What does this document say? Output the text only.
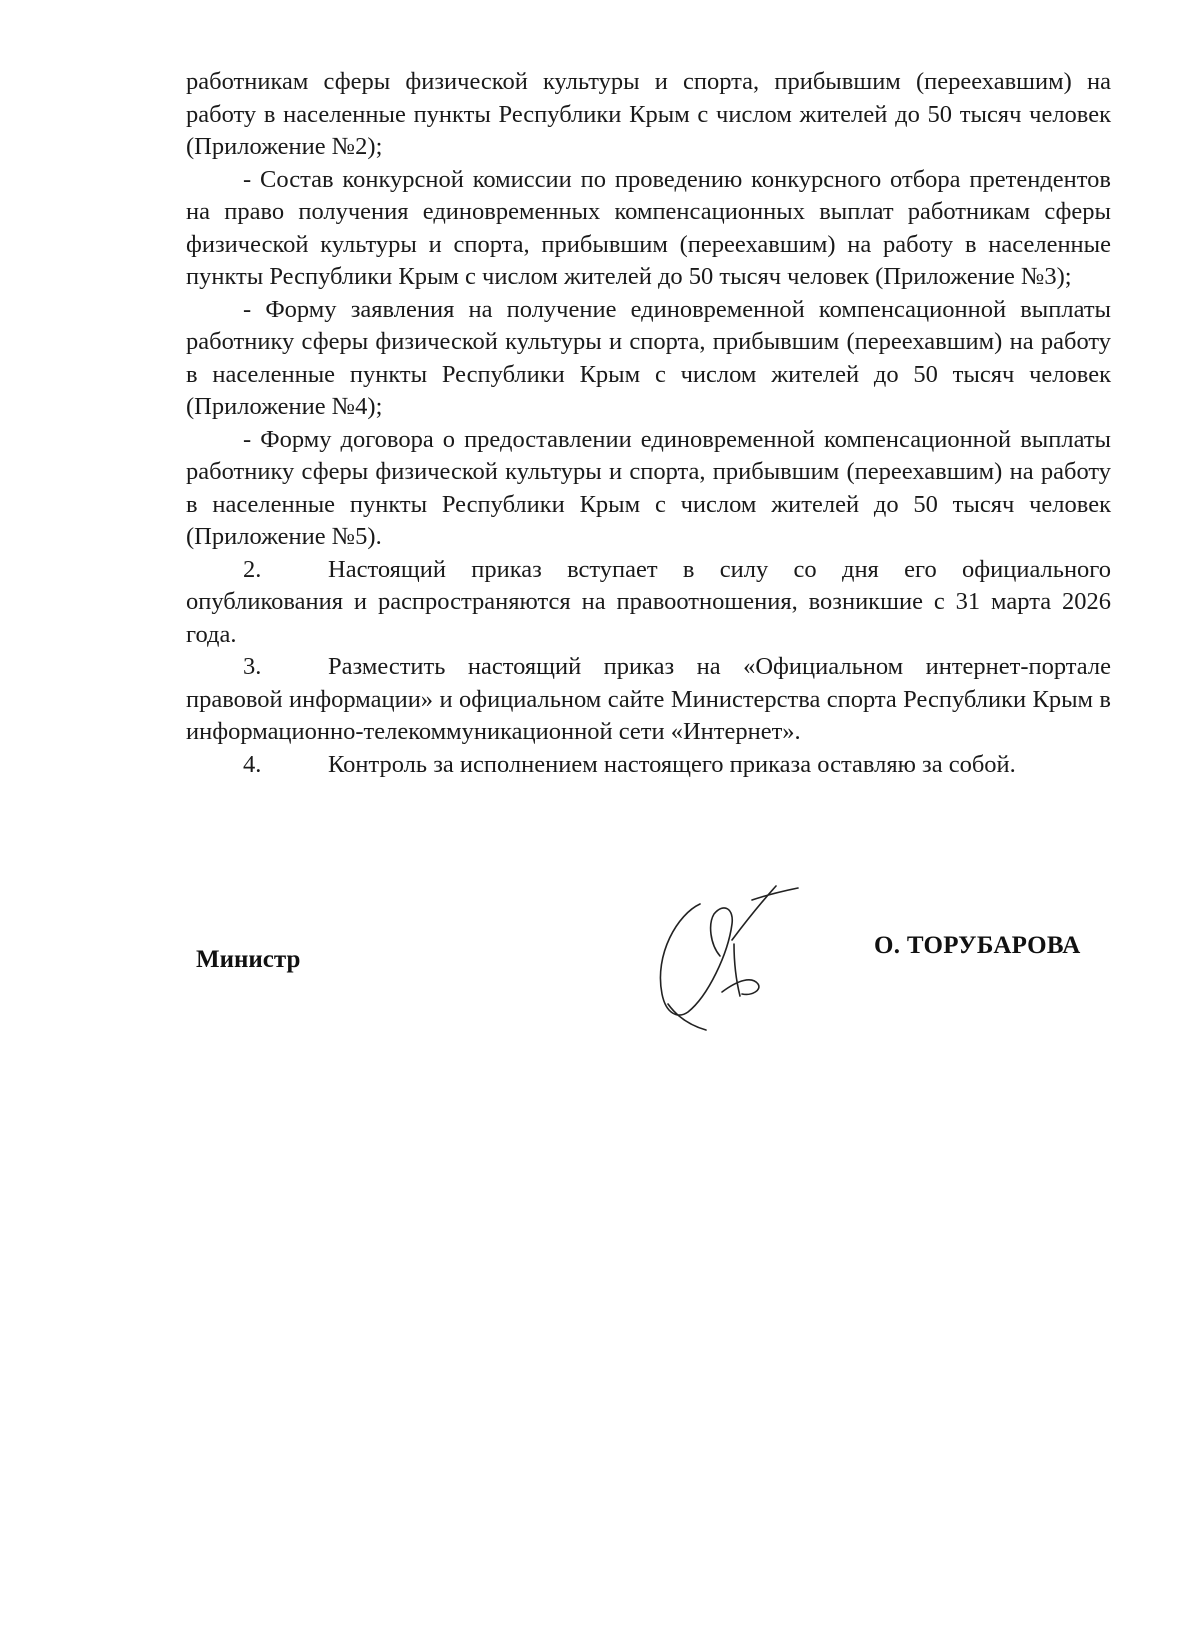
работникам сферы физической культуры и спорта, прибывшим (переехавшим) на работу в населенные пункты Республики Крым с числом жителей до 50 тысяч человек (Приложение №2);

- Состав конкурсной комиссии по проведению конкурсного отбора претендентов на право получения единовременных компенсационных выплат работникам сферы физической культуры и спорта, прибывшим (переехавшим) на работу в населенные пункты Республики Крым с числом жителей до 50 тысяч человек (Приложение №3);

- Форму заявления на получение единовременной компенсационной выплаты работнику сферы физической культуры и спорта, прибывшим (переехавшим) на работу в населенные пункты Республики Крым с числом жителей до 50 тысяч человек (Приложение №4);

- Форму договора о предоставлении единовременной компенсационной выплаты работнику сферы физической культуры и спорта, прибывшим (переехавшим) на работу в населенные пункты Республики Крым с числом жителей до 50 тысяч человек (Приложение №5).

2.	Настоящий приказ вступает в силу со дня его официального опубликования и распространяются на правоотношения, возникшие с 31 марта 2026 года.

3.	Разместить настоящий приказ на «Официальном интернет-портале правовой информации» и официальном сайте Министерства спорта Республики Крым в информационно-телекоммуникационной сети «Интернет».

4.	Контроль за исполнением настоящего приказа оставляю за собой.

Министр
О. ТОРУБАРОВА
